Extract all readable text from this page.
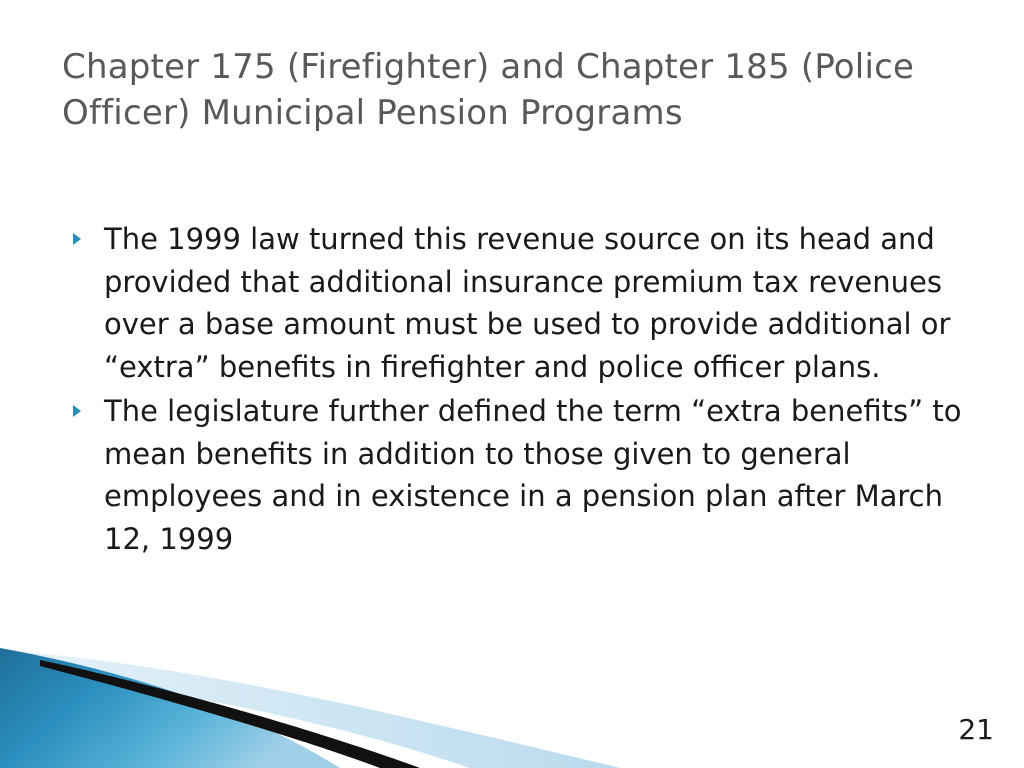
Chapter 175 (Firefighter) and Chapter 185 (Police Officer) Municipal Pension Programs
The 1999 law turned this revenue source on its head and provided that additional insurance premium tax revenues over a base amount must be used to provide additional or “extra” benefits in firefighter and police officer plans.
The legislature further defined the term “extra benefits” to mean benefits in addition to those given to general employees and in existence in a pension plan after March 12, 1999
21
